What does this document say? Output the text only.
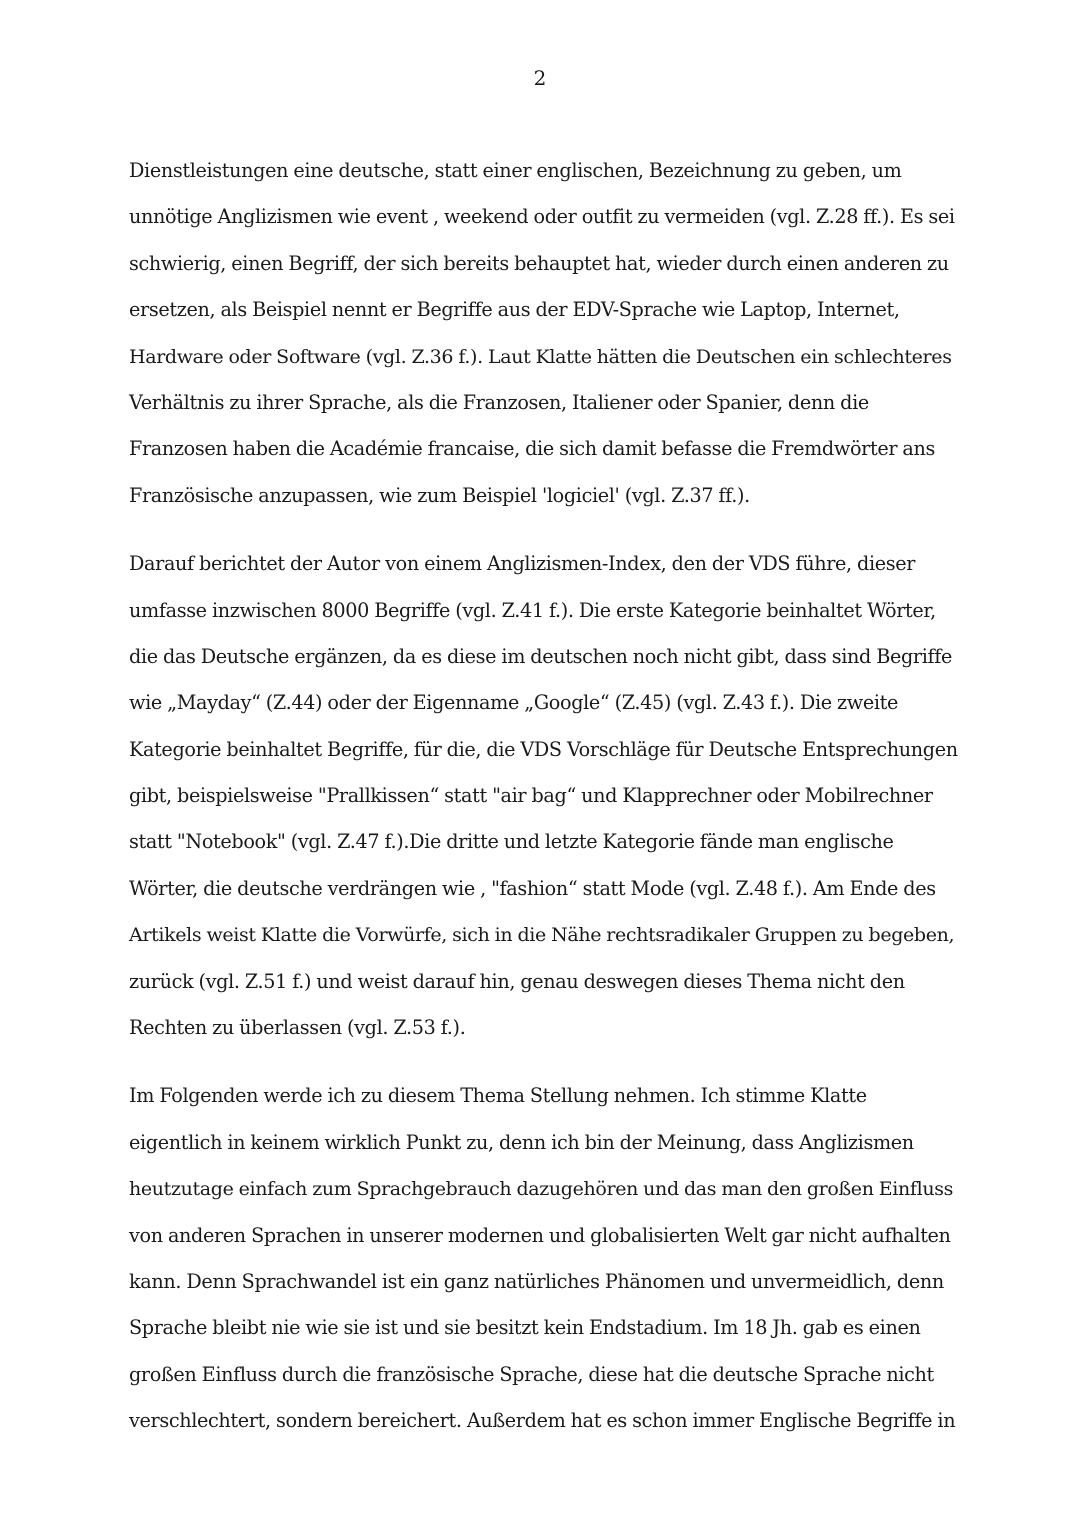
2
Dienstleistungen eine deutsche, statt einer englischen, Bezeichnung zu geben, um
unnötige Anglizismen wie event , weekend oder outfit zu vermeiden (vgl. Z.28 ff.). Es sei
schwierig, einen Begriff, der sich bereits behauptet hat, wieder durch einen anderen zu
ersetzen, als Beispiel nennt er Begriffe aus der EDV-Sprache wie Laptop, Internet,
Hardware oder Software (vgl. Z.36 f.). Laut Klatte hätten die Deutschen ein schlechteres
Verhältnis zu ihrer Sprache, als die Franzosen, Italiener oder Spanier, denn die
Franzosen haben die Académie francaise, die sich damit befasse die Fremdwörter ans
Französische anzupassen, wie zum Beispiel 'logiciel' (vgl. Z.37 ff.).
Darauf berichtet der Autor von einem Anglizismen-Index, den der VDS führe, dieser
umfasse inzwischen 8000 Begriffe (vgl. Z.41 f.). Die erste Kategorie beinhaltet Wörter,
die das Deutsche ergänzen, da es diese im deutschen noch nicht gibt, dass sind Begriffe
wie „Mayday“ (Z.44) oder der Eigenname „Google“ (Z.45) (vgl. Z.43 f.). Die zweite
Kategorie beinhaltet Begriffe, für die, die VDS Vorschläge für Deutsche Entsprechungen
gibt, beispielsweise "Prallkissen“ statt "air bag“ und Klapprechner oder Mobilrechner
statt "Notebook" (vgl. Z.47 f.).Die dritte und letzte Kategorie fände man englische
Wörter, die deutsche verdrängen wie , "fashion“ statt Mode (vgl. Z.48 f.). Am Ende des
Artikels weist Klatte die Vorwürfe, sich in die Nähe rechtsradikaler Gruppen zu begeben,
zurück (vgl. Z.51 f.) und weist darauf hin, genau deswegen dieses Thema nicht den
Rechten zu überlassen (vgl. Z.53 f.).
Im Folgenden werde ich zu diesem Thema Stellung nehmen. Ich stimme Klatte
eigentlich in keinem wirklich Punkt zu, denn ich bin der Meinung, dass Anglizismen
heutzutage einfach zum Sprachgebrauch dazugehören und das man den großen Einfluss
von anderen Sprachen in unserer modernen und globalisierten Welt gar nicht aufhalten
kann. Denn Sprachwandel ist ein ganz natürliches Phänomen und unvermeidlich, denn
Sprache bleibt nie wie sie ist und sie besitzt kein Endstadium. Im 18 Jh. gab es einen
großen Einfluss durch die französische Sprache, diese hat die deutsche Sprache nicht
verschlechtert, sondern bereichert. Außerdem hat es schon immer Englische Begriffe in
